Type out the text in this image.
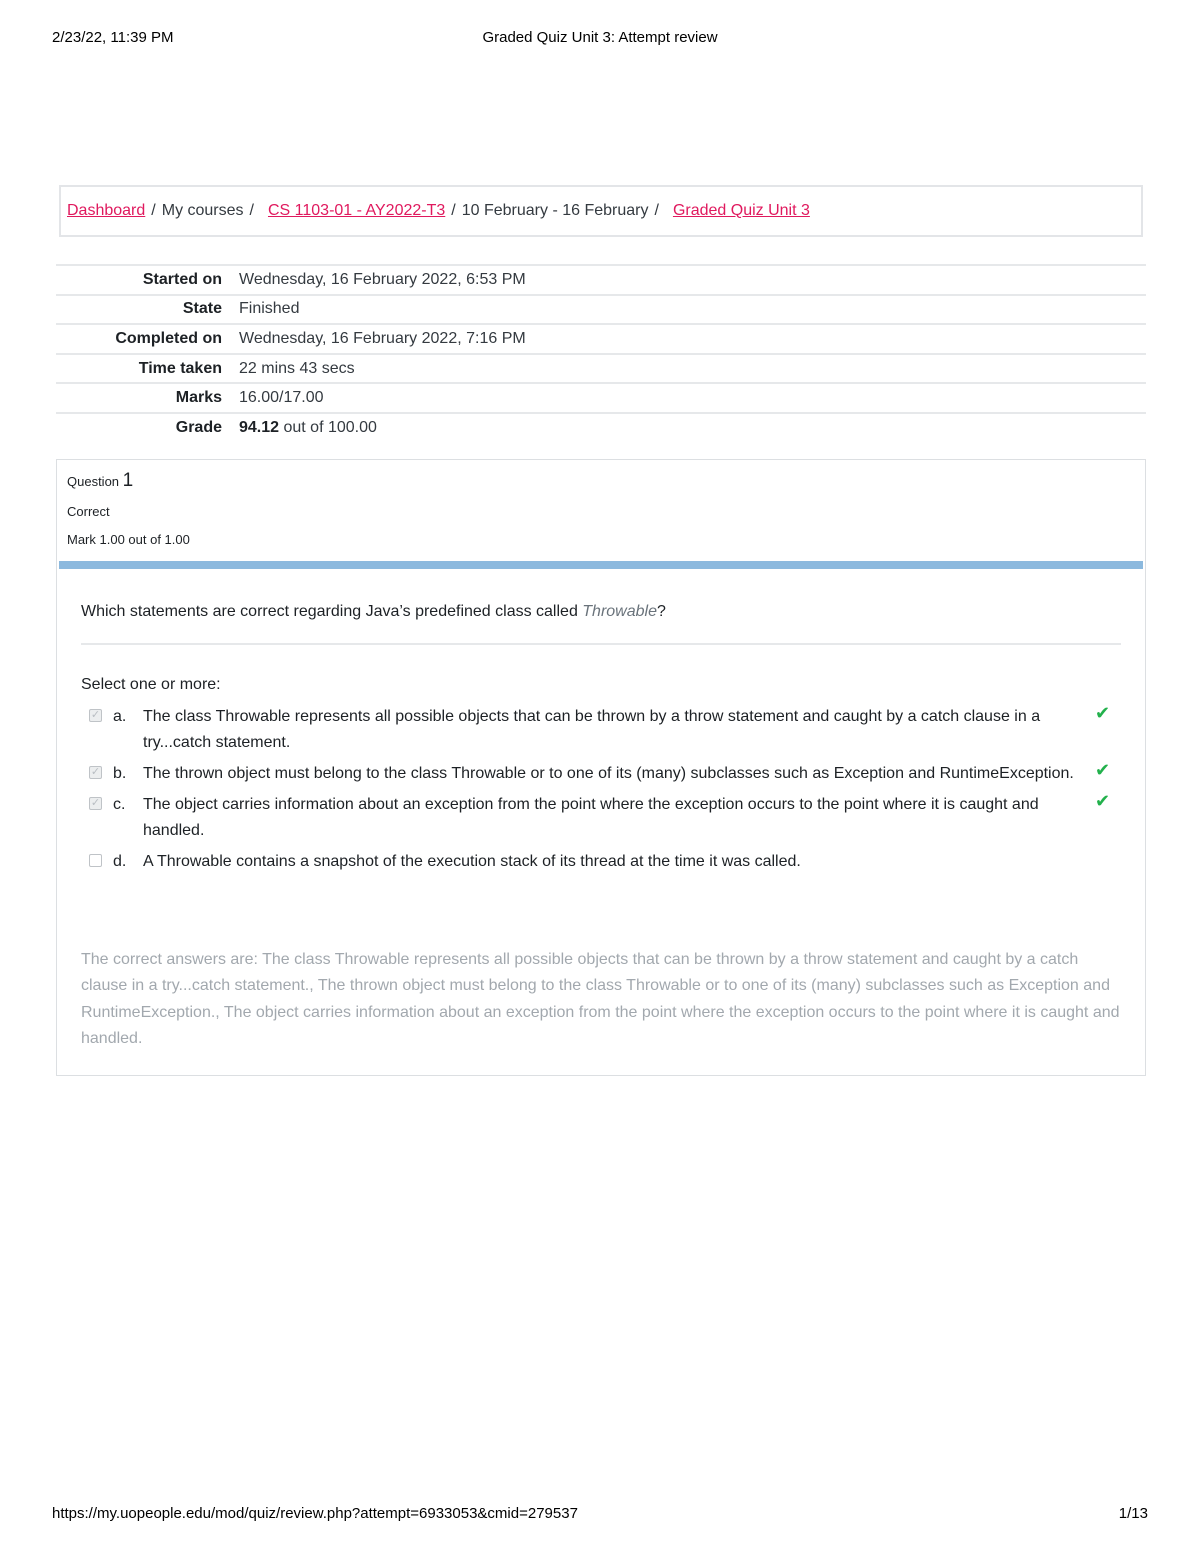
2/23/22, 11:39 PM	Graded Quiz Unit 3: Attempt review
Dashboard / My courses / CS 1103-01 - AY2022-T3 / 10 February - 16 February / Graded Quiz Unit 3
Started on	Wednesday, 16 February 2022, 6:53 PM
State	Finished
Completed on	Wednesday, 16 February 2022, 7:16 PM
Time taken	22 mins 43 secs
Marks	16.00/17.00
Grade	94.12 out of 100.00
Question 1
Correct
Mark 1.00 out of 1.00
Which statements are correct regarding Java’s predefined class called Throwable?
Select one or more:
✓ a. The class Throwable represents all possible objects that can be thrown by a throw statement and caught by a catch clause in a try...catch statement.
✔
✓ b. The thrown object must belong to the class Throwable or to one of its (many) subclasses such as Exception and RuntimeException.	✔
✓ c. The object carries information about an exception from the point where the exception occurs to the point where it is caught and handled.
✔
d. A Throwable contains a snapshot of the execution stack of its thread at the time it was called.
The correct answers are: The class Throwable represents all possible objects that can be thrown by a throw statement and caught by a catch clause in a try...catch statement., The thrown object must belong to the class Throwable or to one of its (many) subclasses such as Exception and RuntimeException., The object carries information about an exception from the point where the exception occurs to the point where it is caught and handled.
https://my.uopeople.edu/mod/quiz/review.php?attempt=6933053&cmid=279537	1/13
